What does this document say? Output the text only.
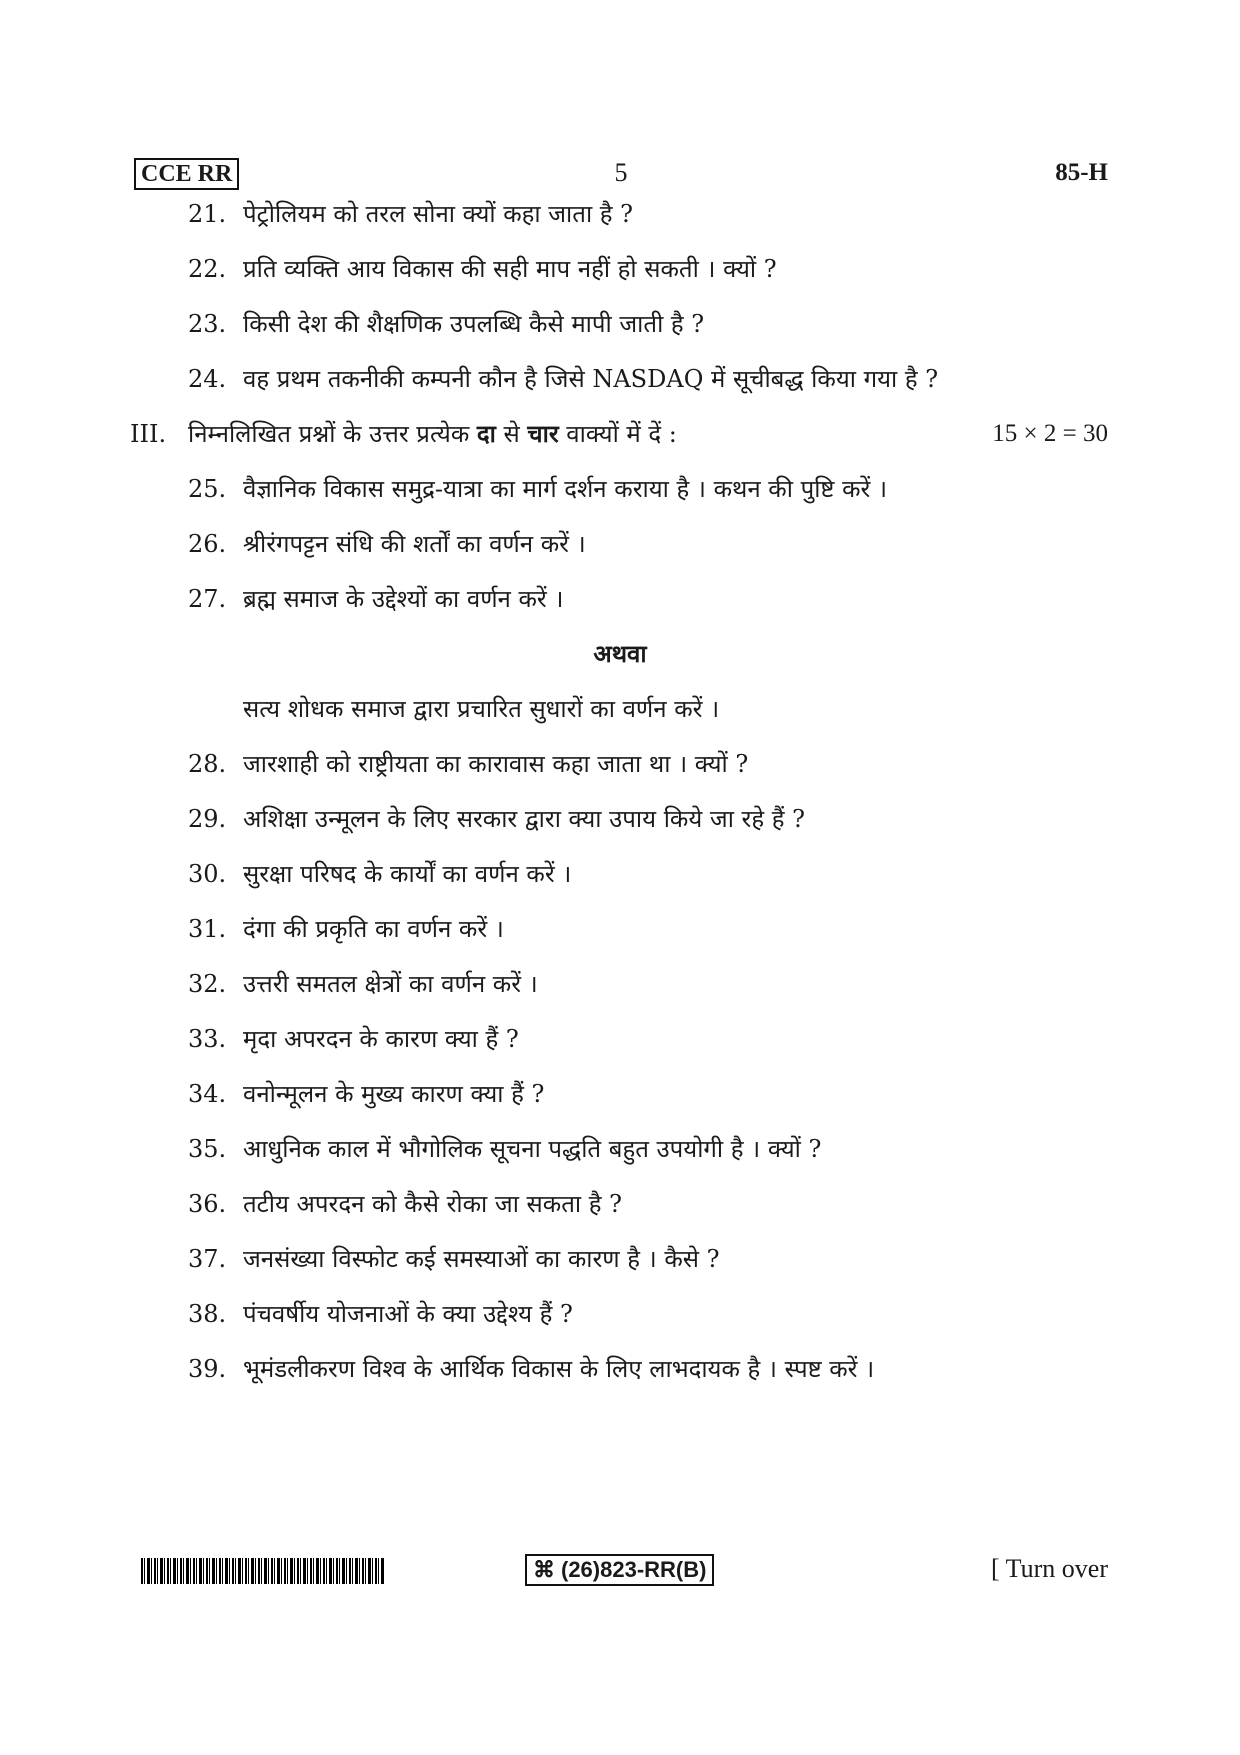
CCE RR	5	85-H
21. पेट्रोलियम को तरल सोना क्यों कहा जाता है ?
22. प्रति व्यक्ति आय विकास की सही माप नहीं हो सकती । क्यों ?
23. किसी देश की शैक्षणिक उपलब्धि कैसे मापी जाती है ?
24. वह प्रथम तकनीकी कम्पनी कौन है जिसे NASDAQ में सूचीबद्ध किया गया है ?
III. निम्नलिखित प्रश्नों के उत्तर प्रत्येक दा से चार वाक्यों में दें :	15 × 2 = 30
25. वैज्ञानिक विकास समुद्र-यात्रा का मार्ग दर्शन कराया है । कथन की पुष्टि करें ।
26. श्रीरंगपट्टन संधि की शर्तों का वर्णन करें ।
27. ब्रह्म समाज के उद्देश्यों का वर्णन करें ।
अथवा
सत्य शोधक समाज द्वारा प्रचारित सुधारों का वर्णन करें ।
28. जारशाही को राष्ट्रीयता का कारावास कहा जाता था । क्यों ?
29. अशिक्षा उन्मूलन के लिए सरकार द्वारा क्या उपाय किये जा रहे हैं ?
30. सुरक्षा परिषद के कार्यों का वर्णन करें ।
31. दंगा की प्रकृति का वर्णन करें ।
32. उत्तरी समतल क्षेत्रों का वर्णन करें ।
33. मृदा अपरदन के कारण क्या हैं ?
34. वनोन्मूलन के मुख्य कारण क्या हैं ?
35. आधुनिक काल में भौगोलिक सूचना पद्धति बहुत उपयोगी है । क्यों ?
36. तटीय अपरदन को कैसे रोका जा सकता है ?
37. जनसंख्या विस्फोट कई समस्याओं का कारण है । कैसे ?
38. पंचवर्षीय योजनाओं के क्या उद्देश्य हैं ?
39. भूमंडलीकरण विश्व के आर्थिक विकास के लिए लाभदायक है । स्पष्ट करें ।
⌘ (26)823-RR(B)	[ Turn over
